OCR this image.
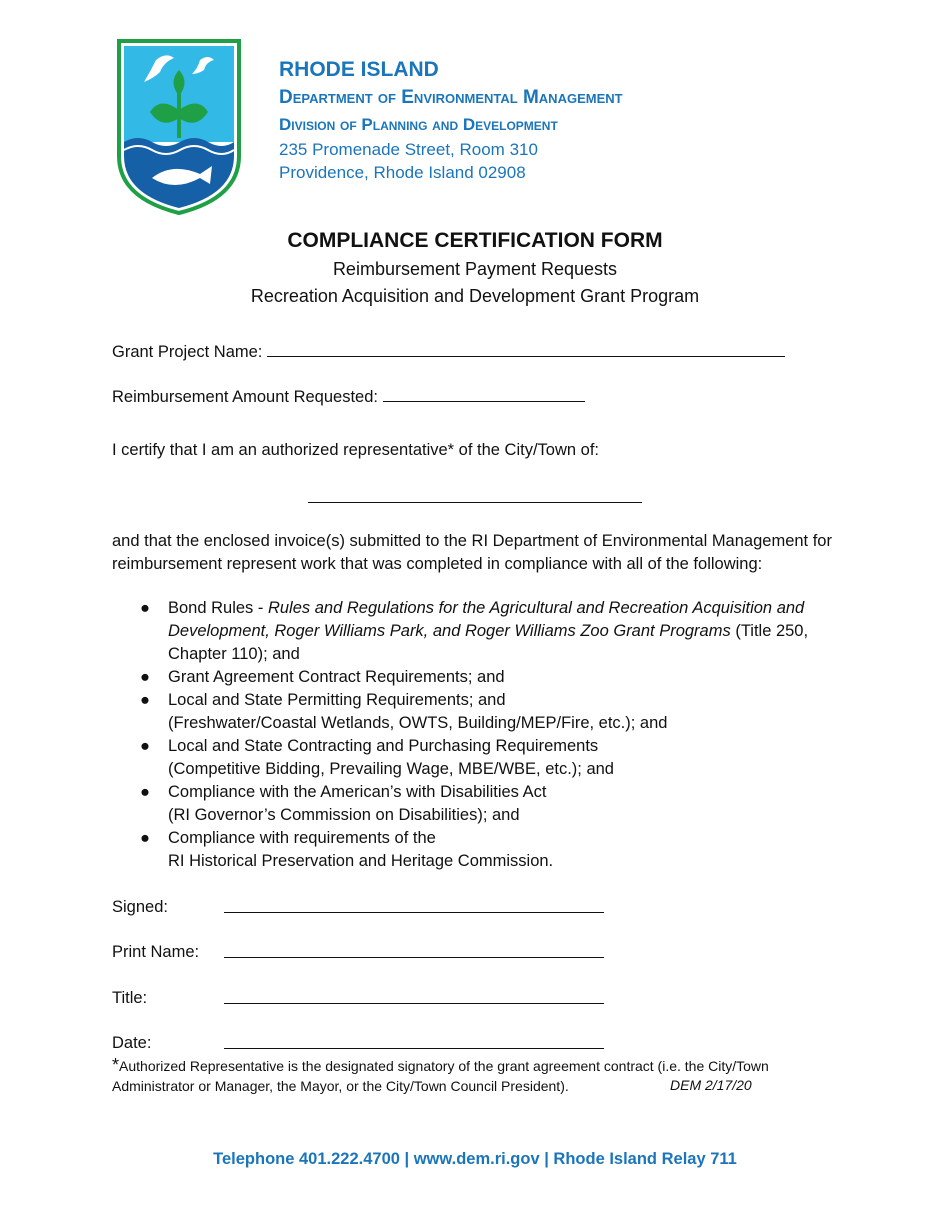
RHODE ISLAND
Department of Environmental Management
Division of Planning and Development
235 Promenade Street, Room 310
Providence, Rhode Island 02908
COMPLIANCE CERTIFICATION FORM
Reimbursement Payment Requests
Recreation Acquisition and Development Grant Program
Grant Project Name:
Reimbursement Amount Requested:
I certify that I am an authorized representative* of the City/Town of:
and that the enclosed invoice(s) submitted to the RI Department of Environmental Management for reimbursement represent work that was completed in compliance with all of the following:
● Bond Rules - Rules and Regulations for the Agricultural and Recreation Acquisition and Development, Roger Williams Park, and Roger Williams Zoo Grant Programs (Title 250, Chapter 110); and
● Grant Agreement Contract Requirements; and
● Local and State Permitting Requirements; and
(Freshwater/Coastal Wetlands, OWTS, Building/MEP/Fire, etc.); and
● Local and State Contracting and Purchasing Requirements
(Competitive Bidding, Prevailing Wage, MBE/WBE, etc.); and
● Compliance with the American’s with Disabilities Act
(RI Governor’s Commission on Disabilities); and
● Compliance with requirements of the
RI Historical Preservation and Heritage Commission.
Signed:
Print Name:
Title:
Date:
*Authorized Representative is the designated signatory of the grant agreement contract (i.e. the City/Town Administrator or Manager, the Mayor, or the City/Town Council President).	DEM 2/17/20
Telephone 401.222.4700 | www.dem.ri.gov | Rhode Island Relay 711
